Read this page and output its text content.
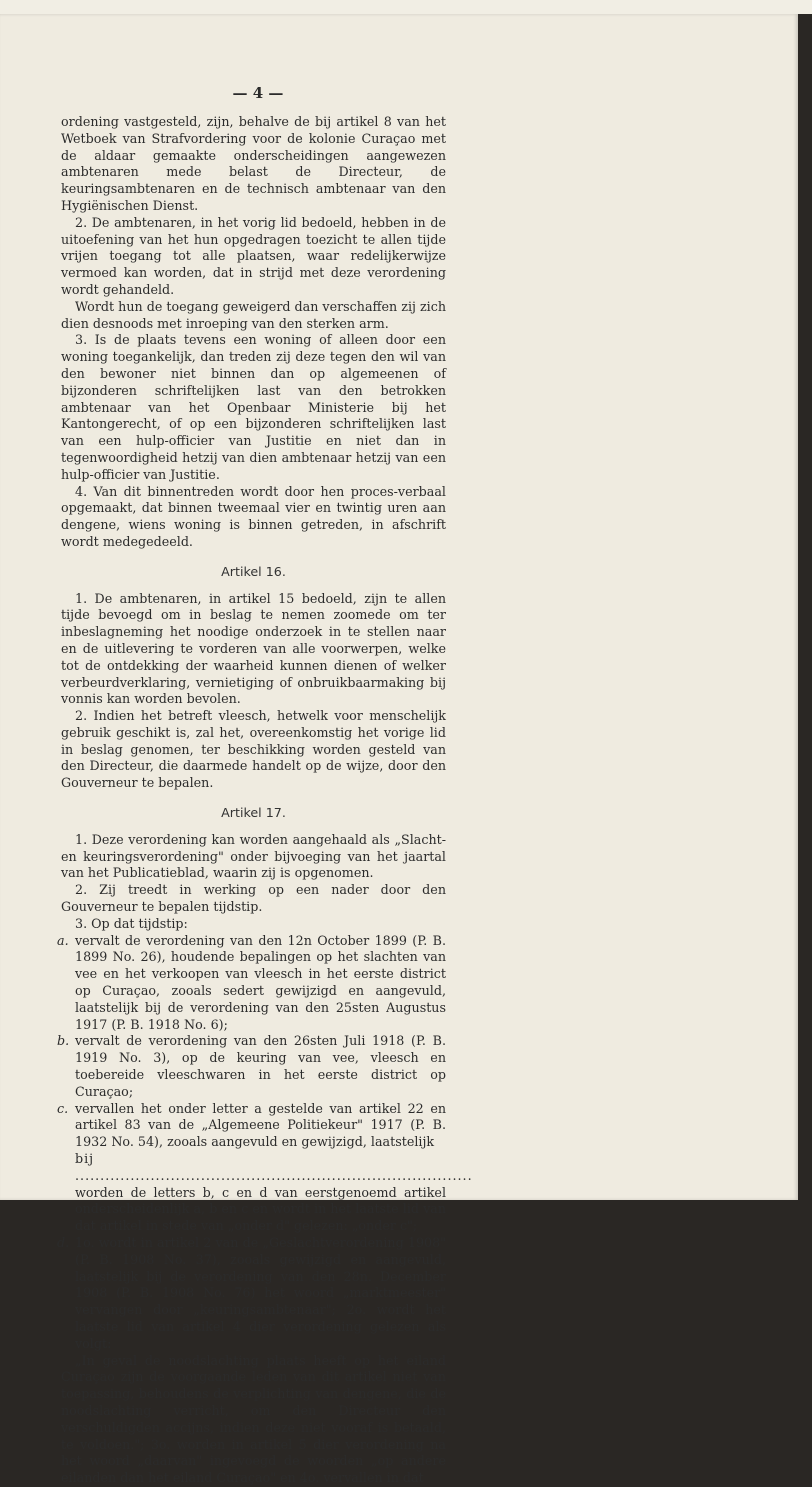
— 4 —

ordening vastgesteld, zijn, behalve de bij artikel 8 van het Wetboek van Strafvordering voor de kolonie Curaçao met de aldaar gemaakte onderscheidingen aangewezen ambtenaren mede belast de Directeur, de keuringsambtenaren en de technisch ambtenaar van den Hygiënischen Dienst.

2. De ambtenaren, in het vorig lid bedoeld, hebben in de uitoefening van het hun opgedragen toezicht te allen tijde vrijen toegang tot alle plaatsen, waar redelijkerwijze vermoed kan worden, dat in strijd met deze verordening wordt gehandeld.

Wordt hun de toegang geweigerd dan verschaffen zij zich dien desnoods met inroeping van den sterken arm.

3. Is de plaats tevens een woning of alleen door een woning toegankelijk, dan treden zij deze tegen den wil van den bewoner niet binnen dan op algemeenen of bijzonderen schriftelijken last van den betrokken ambtenaar van het Openbaar Ministerie bij het Kantongerecht, of op een bijzonderen schriftelijken last van een hulp-officier van Justitie en niet dan in tegenwoordigheid hetzij van dien ambtenaar hetzij van een hulp-officier van Justitie.

4. Van dit binnentreden wordt door hen proces-verbaal opgemaakt, dat binnen tweemaal vier en twintig uren aan dengene, wiens woning is binnen getreden, in afschrift wordt medegedeeld.

Artikel 16.

1. De ambtenaren, in artikel 15 bedoeld, zijn te allen tijde bevoegd om in beslag te nemen zoomede om ter inbeslagneming het noodige onderzoek in te stellen naar en de uitlevering te vorderen van alle voorwerpen, welke tot de ontdekking der waarheid kunnen dienen of welker verbeurdverklaring, vernietiging of onbruikbaarmaking bij vonnis kan worden bevolen.

2. Indien het betreft vleesch, hetwelk voor menschelijk gebruik geschikt is, zal het, overeenkomstig het vorige lid in beslag genomen, ter beschikking worden gesteld van den Directeur, die daarmede handelt op de wijze, door den Gouverneur te bepalen.

Artikel 17.

1. Deze verordening kan worden aangehaald als „Slacht- en keuringsverordening" onder bijvoeging van het jaartal van het Publicatieblad, waarin zij is opgenomen.

2. Zij treedt in werking op een nader door den Gouverneur te bepalen tijdstip.

3. Op dat tijdstip:

a. vervalt de verordening van den 12n October 1899 (P. B. 1899 No. 26), houdende bepalingen op het slachten van vee en het verkoopen van vleesch in het eerste district op Curaçao, zooals sedert gewijzigd en aangevuld, laatstelijk bij de verordening van den 25sten Augustus 1917 (P. B. 1918 No. 6);
b. vervalt de verordening van den 26sten Juli 1918 (P. B. 1919 No. 3), op de keuring van vee, vleesch en toebereide vleeschwaren in het eerste district op Curaçao;
c. vervallen het onder letter a gestelde van artikel 22 en artikel 83 van de „Algemeene Politiekeur" 1917 (P. B. 1932 No. 54), zooals aangevuld en gewijzigd, laatstelijk
bij ...............................................................................
worden de letters b, c en d van eerstgenoemd artikel onderscheidenlijk a, b en c en wordt in het laatste lid van dat artikel in stede van „onder d" gelezen: „onder c";
d. 1o. wordt in artikel 2 van de „Geslachtverordening 1908" (P. B. 1908 No. 37), zooals gewijzigd en aangevuld, laatstelijk bij de verordening van den 28n. December 1908 (P. B. 1908 No. 76) het woord „marktmeester" vervangen door „keuringsambtenaar"; 2o. wordt het laatste lid van artikel 4 dier verordening gelezen als volgt:

„In geval de noodslachting plaats heeft op het eiland Curaçao zijn de voorgaande leden van dit artikel niet van toepassing, behoudens de verplichting van dengene, die de noodslachting verricht, om den Directeur den verschuldigden accijns, indien deze niet vooraf is betaald, te voldoen."; 3o. worden in artikel 5 dier verordening na het woord „daarvan" ingevoegd de woorden „op andere eilanden dan het eiland Curaçao" en 4o. vervallen in dat
